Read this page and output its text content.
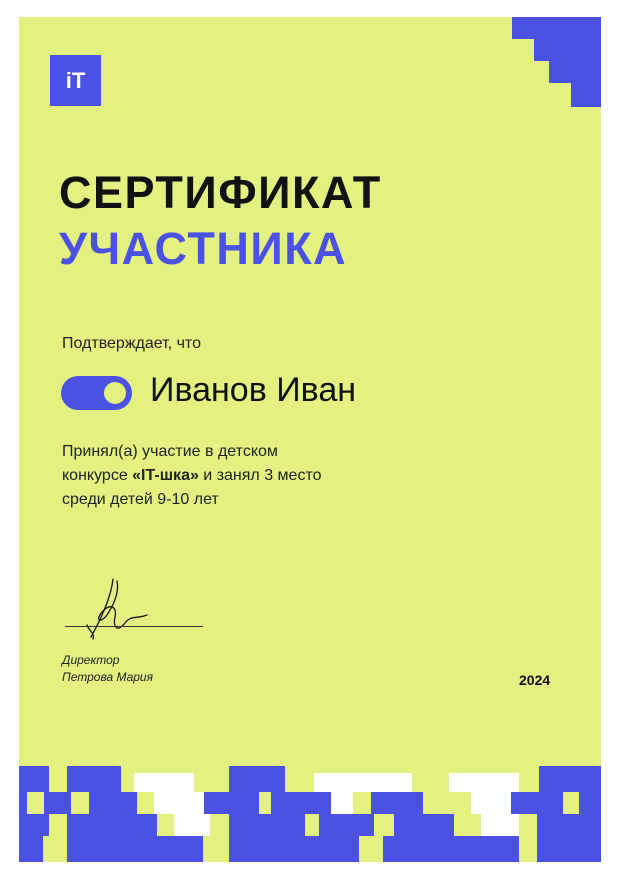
iT
СЕРТИФИКАТ
УЧАСТНИКА
Подтверждает, что
Иванов Иван
Принял(а) участие в детском
конкурсе «IT-шка» и занял 3 место
среди детей 9-10 лет
Директор
Петрова Мария	2024
